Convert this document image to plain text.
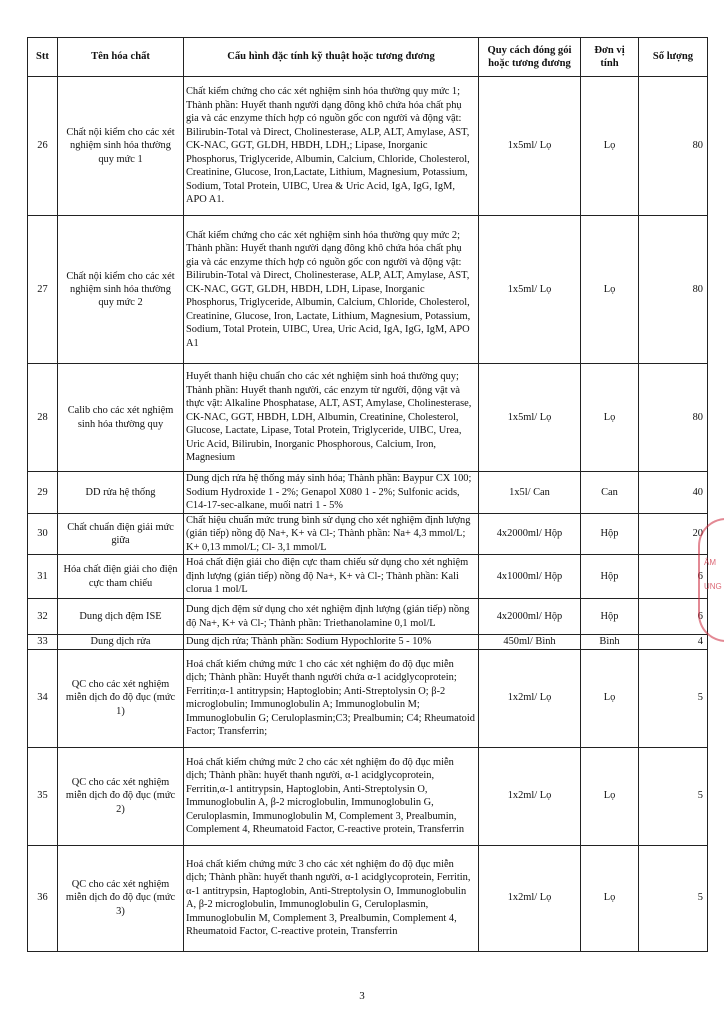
Stt	Tên hóa chất	Cấu hình đặc tính kỹ thuật hoặc tương đương	Quy cách đóng gói hoặc tương đương	Đơn vị tính	Số lượng
26	Chất nội kiểm cho các xét nghiệm sinh hóa thường quy mức 1	Chất kiểm chứng cho các xét nghiệm sinh hóa thường quy mức 1; Thành phần: Huyết thanh người dạng đông khô chứa hóa chất phụ gia và các enzyme thích hợp có nguồn gốc con người và động vật: Bilirubin-Total và Direct, Cholinesterase, ALP, ALT, Amylase, AST, CK-NAC, GGT, GLDH, HBDH, LDH,; Lipase, Inorganic Phosphorus, Triglyceride, Albumin, Calcium, Chloride, Cholesterol, Creatinine, Glucose, Iron,Lactate, Lithium, Magnesium, Potassium, Sodium, Total Protein, UIBC, Urea & Uric Acid, IgA, IgG, IgM, APO A1.	1x5ml/ Lọ	Lọ	80
27	Chất nội kiểm cho các xét nghiệm sinh hóa thường quy mức 2	Chất kiểm chứng cho các xét nghiệm sinh hóa thường quy mức 2; Thành phần: Huyết thanh người dạng đông khô chứa hóa chất phụ gia và các enzyme thích hợp có nguồn gốc con người và động vật: Bilirubin-Total và Direct, Cholinesterase, ALP, ALT, Amylase, AST, CK-NAC, GGT, GLDH, HBDH, LDH, Lipase, Inorganic Phosphorus, Triglyceride, Albumin, Calcium, Chloride, Cholesterol, Creatinine, Glucose, Iron, Lactate, Lithium, Magnesium, Potassium, Sodium, Total Protein, UIBC, Urea, Uric Acid, IgA, IgG, IgM, APO A1	1x5ml/ Lọ	Lọ	80
28	Calib cho các xét nghiệm sinh hóa thường quy	Huyết thanh hiệu chuẩn cho các xét nghiệm sinh hoá thường quy; Thành phần: Huyết thanh người, các enzym từ người, động vật và thực vật: Alkaline Phosphatase, ALT, AST, Amylase, Cholinesterase, CK-NAC, GGT, HBDH, LDH, Albumin, Creatinine, Cholesterol, Glucose, Lactate, Lipase, Total Protein, Triglyceride, UIBC, Urea, Uric Acid, Bilirubin, Inorganic Phosphorous, Calcium, Iron, Magnesium	1x5ml/ Lọ	Lọ	80
29	DD rửa hệ thống	Dung dịch rửa hệ thống máy sinh hóa; Thành phần: Baypur CX 100; Sodium Hydroxide 1 - 2%; Genapol X080 1 - 2%; Sulfonic acids, C14-17-sec-alkane, muối natri 1 - 5%	1x5l/ Can	Can	40
30	Chất chuẩn điện giải mức giữa	Chất hiệu chuẩn mức trung bình sử dụng cho xét nghiệm định lượng (gián tiếp) nồng độ Na+, K+ và Cl-; Thành phần: Na+ 4,3 mmol/L; K+ 0,13 mmol/L; Cl- 3,1 mmol/L	4x2000ml/ Hộp	Hộp	20
31	Hóa chất điện giải cho điện cực tham chiếu	Hoá chất điện giải cho điện cực tham chiếu sử dụng cho xét nghiệm định lượng (gián tiếp) nồng độ Na+, K+ và Cl-; Thành phần: Kali clorua 1 mol/L	4x1000ml/ Hộp	Hộp	6
32	Dung dịch đệm ISE	Dung dịch đệm sử dụng cho xét nghiệm định lượng (gián tiếp) nồng độ Na+, K+ và Cl-; Thành phần: Triethanolamine 0,1 mol/L	4x2000ml/ Hộp	Hộp	6
33	Dung dịch rửa	Dung dịch rửa; Thành phần: Sodium Hypochlorite 5 - 10%	450ml/ Bình	Bình	4
34	QC cho các xét nghiệm miễn dịch đo độ đục (mức 1)	Hoá chất kiểm chứng mức 1 cho các xét nghiệm đo độ đục miễn dịch; Thành phần: Huyết thanh người chứa α-1 acidglycoprotein; Ferritin;α-1 antitrypsin; Haptoglobin; Anti-Streptolysin O; β-2 microglobulin; Immunoglobulin A; Immunoglobulin M; Immunoglobulin G; Ceruloplasmin;C3; Prealbumin; C4; Rheumatoid Factor; Transferrin;	1x2ml/ Lọ	Lọ	5
35	QC cho các xét nghiệm miễn dịch đo độ đục (mức 2)	Hoá chất kiểm chứng mức 2 cho các xét nghiệm đo độ đục miễn dịch; Thành phần: huyết thanh người, α-1 acidglycoprotein, Ferritin,α-1 antitrypsin, Haptoglobin, Anti-Streptolysin O, Immunoglobulin A, β-2 microglobulin, Immunoglobulin G, Ceruloplasmin, Immunoglobulin M, Complement 3, Prealbumin, Complement 4, Rheumatoid Factor, C-reactive protein, Transferrin	1x2ml/ Lọ	Lọ	5
36	QC cho các xét nghiệm miễn dịch đo độ đục (mức 3)	Hoá chất kiểm chứng mức 3 cho các xét nghiệm đo độ đục miễn dịch; Thành phần: huyết thanh người, α-1 acidglycoprotein, Ferritin, α-1 antitrypsin, Haptoglobin, Anti-Streptolysin O, Immunoglobulin A, β-2 microglobulin, Immunoglobulin G, Ceruloplasmin, Immunoglobulin M, Complement 3, Prealbumin, Complement 4, Rheumatoid Factor, C-reactive protein, Transferrin	1x2ml/ Lọ	Lọ	5
ÂM
UNG
3
